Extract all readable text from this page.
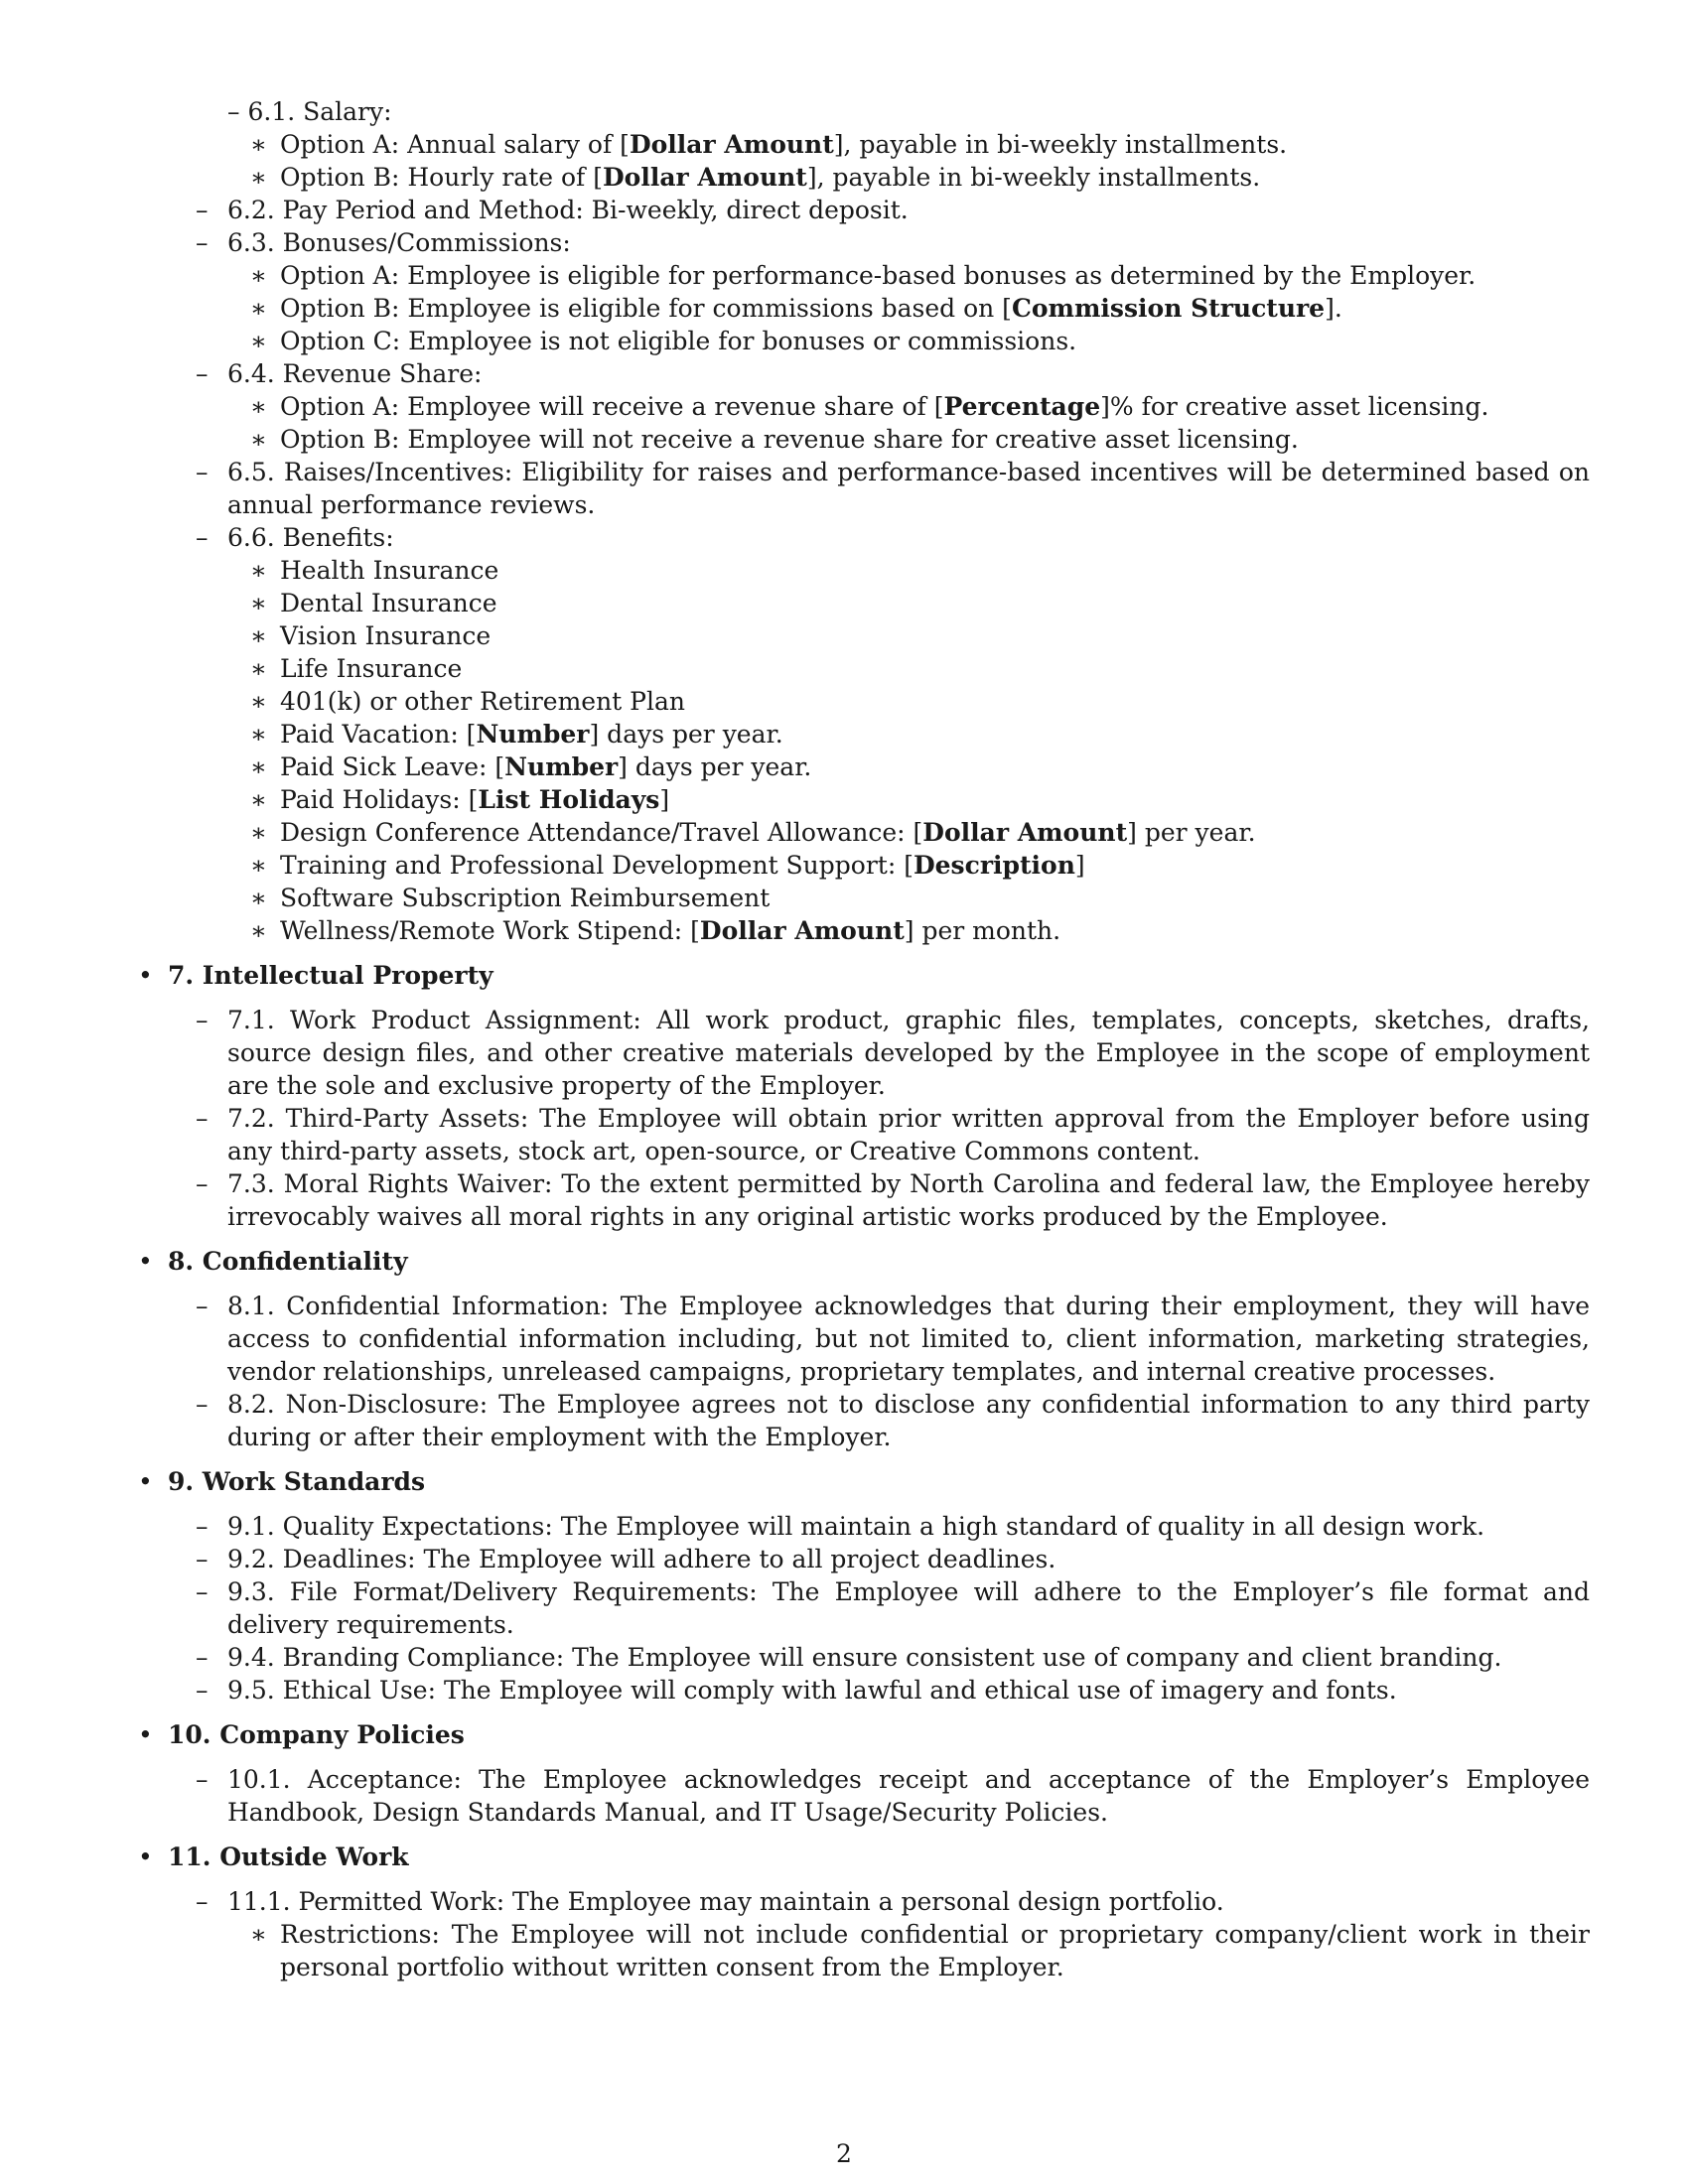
– 6.1. Salary:
∗ Option A: Annual salary of [Dollar Amount], payable in bi-weekly installments.
∗ Option B: Hourly rate of [Dollar Amount], payable in bi-weekly installments.
– 6.2. Pay Period and Method: Bi-weekly, direct deposit.
– 6.3. Bonuses/Commissions:
∗ Option A: Employee is eligible for performance-based bonuses as determined by the Employer.
∗ Option B: Employee is eligible for commissions based on [Commission Structure].
∗ Option C: Employee is not eligible for bonuses or commissions.
– 6.4. Revenue Share:
∗ Option A: Employee will receive a revenue share of [Percentage]% for creative asset licensing.
∗ Option B: Employee will not receive a revenue share for creative asset licensing.
– 6.5. Raises/Incentives: Eligibility for raises and performance-based incentives will be determined based on annual performance reviews.
– 6.6. Benefits:
∗ Health Insurance
∗ Dental Insurance
∗ Vision Insurance
∗ Life Insurance
∗ 401(k) or other Retirement Plan
∗ Paid Vacation: [Number] days per year.
∗ Paid Sick Leave: [Number] days per year.
∗ Paid Holidays: [List Holidays]
∗ Design Conference Attendance/Travel Allowance: [Dollar Amount] per year.
∗ Training and Professional Development Support: [Description]
∗ Software Subscription Reimbursement
∗ Wellness/Remote Work Stipend: [Dollar Amount] per month.
• 7. Intellectual Property
– 7.1. Work Product Assignment: All work product, graphic files, templates, concepts, sketches, drafts, source design files, and other creative materials developed by the Employee in the scope of employment are the sole and exclusive property of the Employer.
– 7.2. Third-Party Assets: The Employee will obtain prior written approval from the Employer before using any third-party assets, stock art, open-source, or Creative Commons content.
– 7.3. Moral Rights Waiver: To the extent permitted by North Carolina and federal law, the Employee hereby irrevocably waives all moral rights in any original artistic works produced by the Employee.
• 8. Confidentiality
– 8.1. Confidential Information: The Employee acknowledges that during their employment, they will have access to confidential information including, but not limited to, client information, marketing strategies, vendor relationships, unreleased campaigns, proprietary templates, and internal creative processes.
– 8.2. Non-Disclosure: The Employee agrees not to disclose any confidential information to any third party during or after their employment with the Employer.
• 9. Work Standards
– 9.1. Quality Expectations: The Employee will maintain a high standard of quality in all design work.
– 9.2. Deadlines: The Employee will adhere to all project deadlines.
– 9.3. File Format/Delivery Requirements: The Employee will adhere to the Employer’s file format and delivery requirements.
– 9.4. Branding Compliance: The Employee will ensure consistent use of company and client branding.
– 9.5. Ethical Use: The Employee will comply with lawful and ethical use of imagery and fonts.
• 10. Company Policies
– 10.1. Acceptance: The Employee acknowledges receipt and acceptance of the Employer’s Employee Handbook, Design Standards Manual, and IT Usage/Security Policies.
• 11. Outside Work
– 11.1. Permitted Work: The Employee may maintain a personal design portfolio.
∗ Restrictions: The Employee will not include confidential or proprietary company/client work in their personal portfolio without written consent from the Employer.
2
